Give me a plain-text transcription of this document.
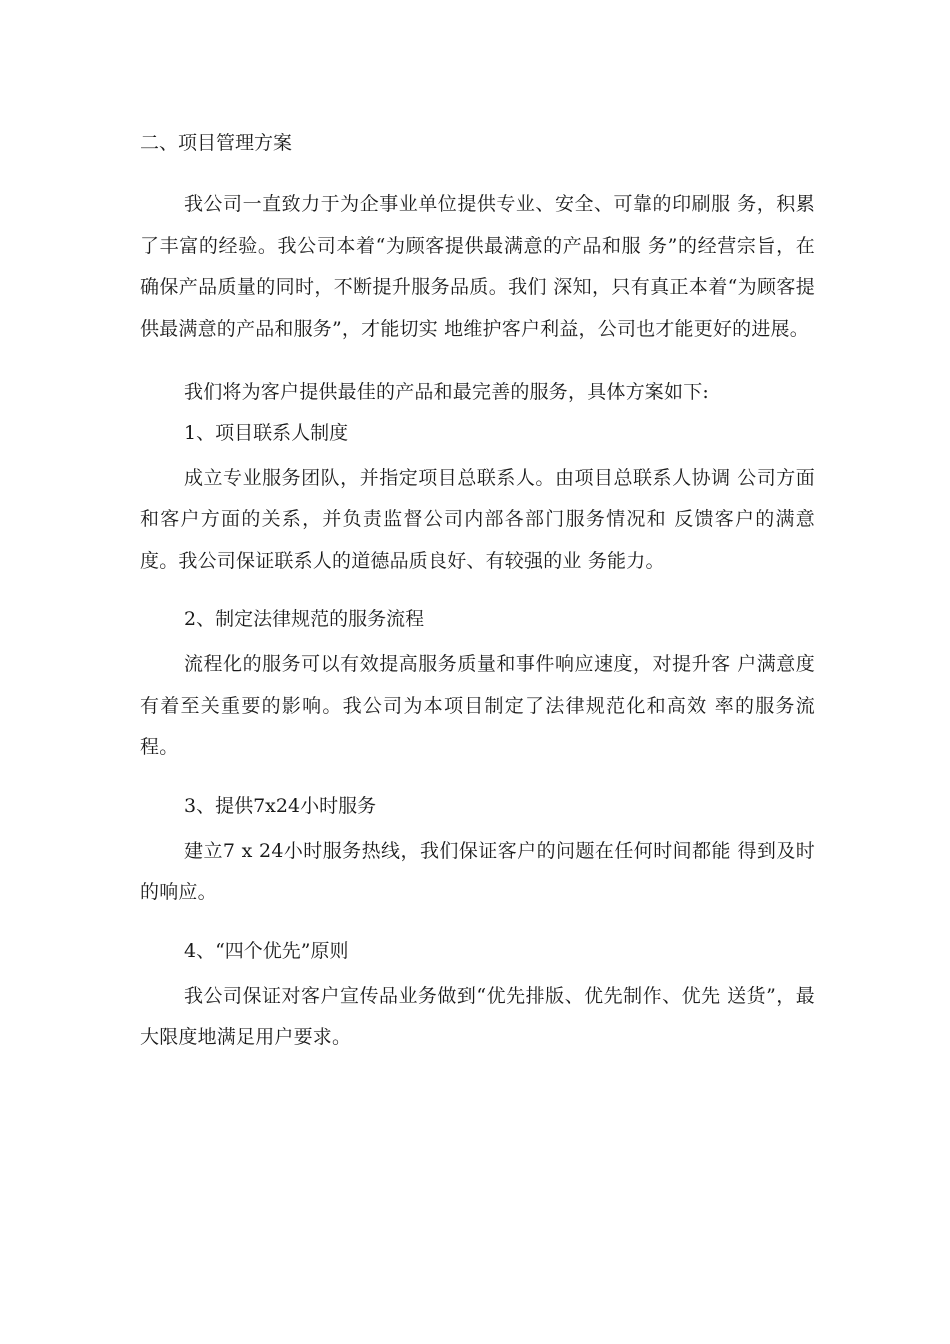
二、项目管理方案

我公司一直致力于为企事业单位提供专业、安全、可靠的印刷服 务，积累了丰富的经验。我公司本着“为顾客提供最满意的产品和服 务”的经营宗旨，在确保产品质量的同时，不断提升服务品质。我们 深知，只有真正本着“为顾客提供最满意的产品和服务”，才能切实 地维护客户利益，公司也才能更好的进展。

我们将为客户提供最佳的产品和最完善的服务，具体方案如下:

1、项目联系人制度

成立专业服务团队，并指定项目总联系人。由项目总联系人协调 公司方面和客户方面的关系，并负责监督公司内部各部门服务情况和 反馈客户的满意度。我公司保证联系人的道德品质良好、有较强的业 务能力。

2、制定法律规范的服务流程

流程化的服务可以有效提高服务质量和事件响应速度，对提升客 户满意度有着至关重要的影响。我公司为本项目制定了法律规范化和高效 率的服务流程。

3、提供7x24小时服务

建立7 x 24小时服务热线，我们保证客户的问题在任何时间都能 得到及时的响应。

4、“四个优先”原则

我公司保证对客户宣传品业务做到“优先排版、优先制作、优先 送货”，最大限度地满足用户要求。
